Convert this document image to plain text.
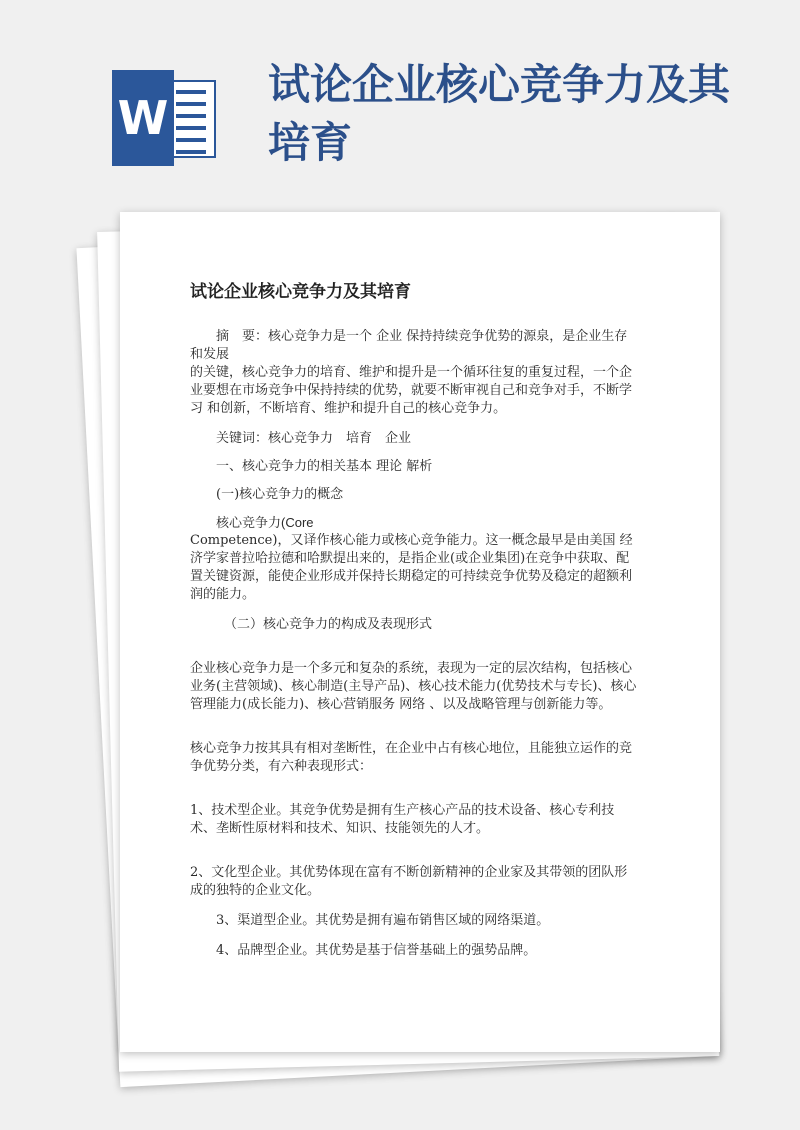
W
试论企业核心竞争力及其培育

试论企业核心竞争力及其培育

摘　要：核心竞争力是一个 企业 保持持续竞争优势的源泉，是企业生存和发展

的关键，核心竞争力的培育、维护和提升是一个循环往复的重复过程，一个企业要想在市场竞争中保持持续的优势，就要不断审视自己和竞争对手，不断学习 和创新，不断培育、维护和提升自己的核心竞争力。

关键词：核心竞争力　培育　企业

一、核心竞争力的相关基本 理论 解析

(一)核心竞争力的概念

核心竞争力(Core

Competence)，又译作核心能力或核心竞争能力。这一概念最早是由美国 经济学家普拉哈拉德和哈默提出来的，是指企业(或企业集团)在竞争中获取、配置关键资源，能使企业形成并保持长期稳定的可持续竞争优势及稳定的超额利润的能力。

（二）核心竞争力的构成及表现形式

企业核心竞争力是一个多元和复杂的系统，表现为一定的层次结构，包括核心业务(主营领域)、核心制造(主导产品)、核心技术能力(优势技术与专长)、核心管理能力(成长能力)、核心营销服务 网络 、以及战略管理与创新能力等。

核心竞争力按其具有相对垄断性，在企业中占有核心地位，且能独立运作的竞争优势分类，有六种表现形式：

1、技术型企业。其竞争优势是拥有生产核心产品的技术设备、核心专利技术、垄断性原材料和技术、知识、技能领先的人才。

2、文化型企业。其优势体现在富有不断创新精神的企业家及其带领的团队形成的独特的企业文化。

3、渠道型企业。其优势是拥有遍布销售区域的网络渠道。

4、品牌型企业。其优势是基于信誉基础上的强势品牌。
